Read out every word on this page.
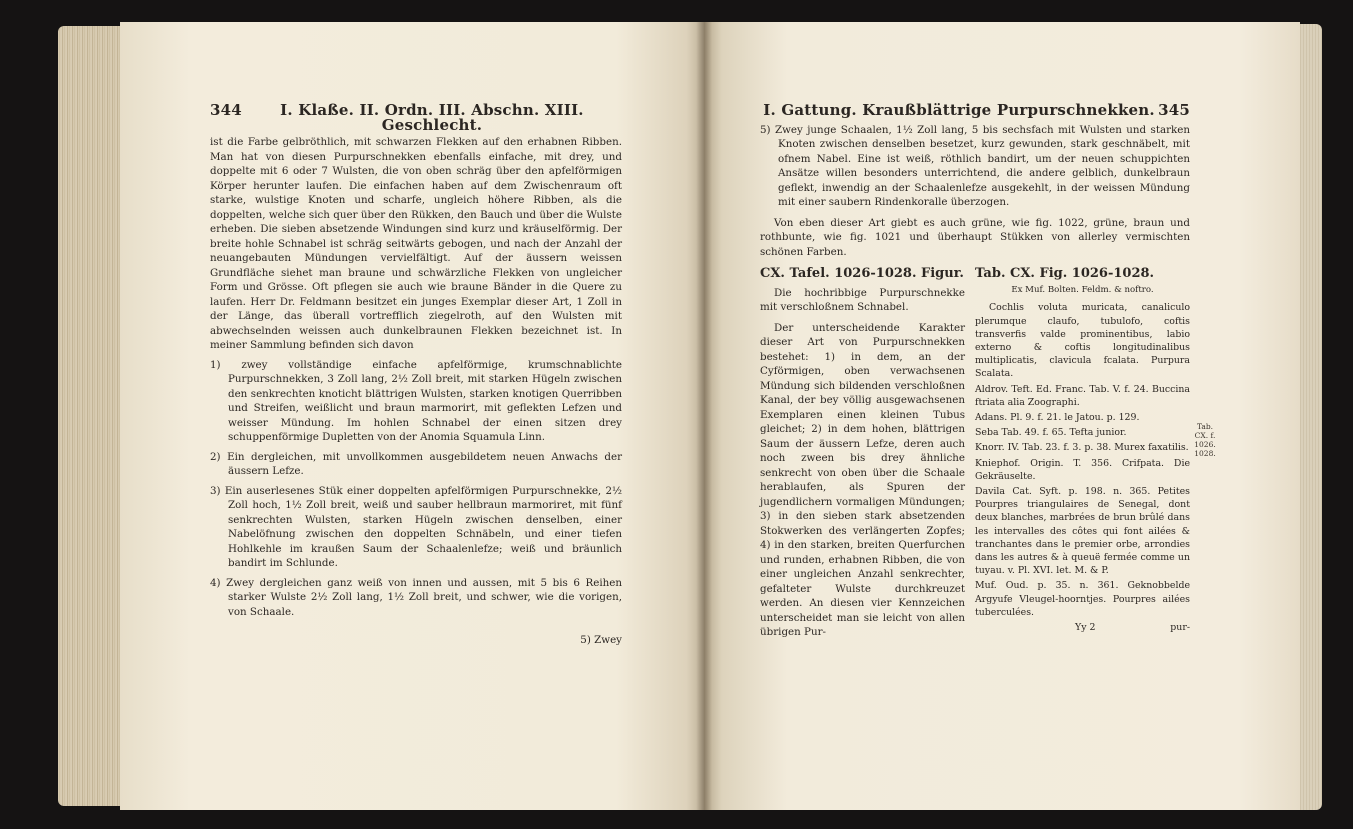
344	I. Klaße. II. Ordn. III. Abschn. XIII. Geschlecht.

ist die Farbe gelbröthlich, mit schwarzen Flekken auf den erhabnen Ribben. Man hat von diesen Purpurschnekken ebenfalls einfache, mit drey, und doppelte mit 6 oder 7 Wulsten, die von oben schräg über den apfelförmigen Körper herunter laufen. Die einfachen haben auf dem Zwischenraum oft starke, wulstige Knoten und scharfe, ungleich höhere Ribben, als die doppelten, welche sich quer über den Rükken, den Bauch und über die Wulste erheben. Die sieben absetzende Windungen sind kurz und kräuselförmig. Der breite hohle Schnabel ist schräg seitwärts gebogen, und nach der Anzahl der neuangebauten Mündungen vervielfältigt. Auf der äussern weissen Grundfläche siehet man braune und schwärzliche Flekken von ungleicher Form und Grösse. Oft pflegen sie auch wie braune Bänder in die Quere zu laufen. Herr Dr. Feldmann besitzet ein junges Exemplar dieser Art, 1 Zoll in der Länge, das überall vortrefflich ziegelroth, auf den Wulsten mit abwechselnden weissen auch dunkelbraunen Flekken bezeichnet ist. In meiner Sammlung befinden sich davon

1) zwey vollständige einfache apfelförmige, krumschnablichte Purpurschnekken, 3 Zoll lang, 2½ Zoll breit, mit starken Hügeln zwischen den senkrechten knoticht blättrigen Wulsten, starken knotigen Querribben und Streifen, weißlicht und braun marmorirt, mit geflekten Lefzen und weisser Mündung. Im hohlen Schnabel der einen sitzen drey schuppenförmige Dupletten von der Anomia Squamula Linn.

2) Ein dergleichen, mit unvollkommen ausgebildetem neuen Anwachs der äussern Lefze.

3) Ein auserlesenes Stük einer doppelten apfelförmigen Purpurschnekke, 2½ Zoll hoch, 1½ Zoll breit, weiß und sauber hellbraun marmoriret, mit fünf senkrechten Wulsten, starken Hügeln zwischen denselben, einer Nabelöfnung zwischen den doppelten Schnäbeln, und einer tiefen Hohlkehle im kraußen Saum der Schaalenlefze; weiß und bräunlich bandirt im Schlunde.

4) Zwey dergleichen ganz weiß von innen und aussen, mit 5 bis 6 Reihen starker Wulste 2½ Zoll lang, 1½ Zoll breit, und schwer, wie die vorigen, von Schaale.

5) Zwey
I. Gattung. Kraußblättrige Purpurschnekken. 345

5) Zwey junge Schaalen, 1½ Zoll lang, 5 bis sechsfach mit Wulsten und starken Knoten zwischen denselben besetzet, kurz gewunden, stark geschnäbelt, mit ofnem Nabel. Eine ist weiß, röthlich bandirt, um der neuen schuppichten Ansätze willen besonders unterrichtend, die andere gelblich, dunkelbraun geflekt, inwendig an der Schaalenlefze ausgekehlt, in der weissen Mündung mit einer saubern Rindenkoralle überzogen.

Von eben dieser Art giebt es auch grüne, wie fig. 1022, grüne, braun und rothbunte, wie fig. 1021 und überhaupt Stükken von allerley vermischten schönen Farben.

CX. Tafel. 1026-1028. Figur.

Die hochribbige Purpurschnekke mit verschloßnem Schnabel.

Der unterscheidende Karakter dieser Art von Purpurschnekken bestehet: 1) in dem, an der Cyförmigen, oben verwachsenen Mündung sich bildenden verschloßnen Kanal, der bey völlig ausgewachsenen Exemplaren einen kleinen Tubus gleichet; 2) in dem hohen, blättrigen Saum der äussern Lefze, deren auch noch zween bis drey ähnliche senkrecht von oben über die Schaale herablaufen, als Spuren der jugendlichern vormaligen Mündungen; 3) in den sieben stark absetzenden Stokwerken des verlängerten Zopfes; 4) in den starken, breiten Querfurchen und runden, erhabnen Ribben, die von einer ungleichen Anzahl senkrechter, gefalteter Wulste durchkreuzet werden. An diesen vier Kennzeichen unterscheidet man sie leicht von allen übrigen Pur-

Tab. CX. Fig. 1026-1028.
Ex Muf. Bolten. Feldm. & noftro.

Cochlis voluta muricata, canaliculo plerumque claufo, tubulofo, coftis transverfis valde prominentibus, labio externo & coftis longitudinalibus multiplicatis, clavicula fcalata. Purpura Scalata.

Aldrov. Teft. Ed. Franc. Tab. V. f. 24. Buccina ftriata alia Zoographi.

Adans. Pl. 9. f. 21. le Jatou. p. 129.

Seba Tab. 49. f. 65. Tefta junior.

Knorr. IV. Tab. 23. f. 3. p. 38. Murex faxatilis.

Kniephof. Origin. T. 356. Crifpata. Die Gekräuselte.

Davila Cat. Syft. p. 198. n. 365. Petites Pourpres triangulaires de Senegal, dont deux blanches, marbrées de brun brûlé dans les intervalles des côtes qui font ailées & tranchantes dans le premier orbe, arrondies dans les autres & à queuë fermée comme un tuyau. v. Pl. XVI. let. M. & P.

Muf. Oud. p. 35. n. 361. Geknobbelde Argyufe Vleugel-hoorntjes. Pourpres ailées tuberculées.

Yy 2	pur-
Tab. CX. f. 1026. 1028.
